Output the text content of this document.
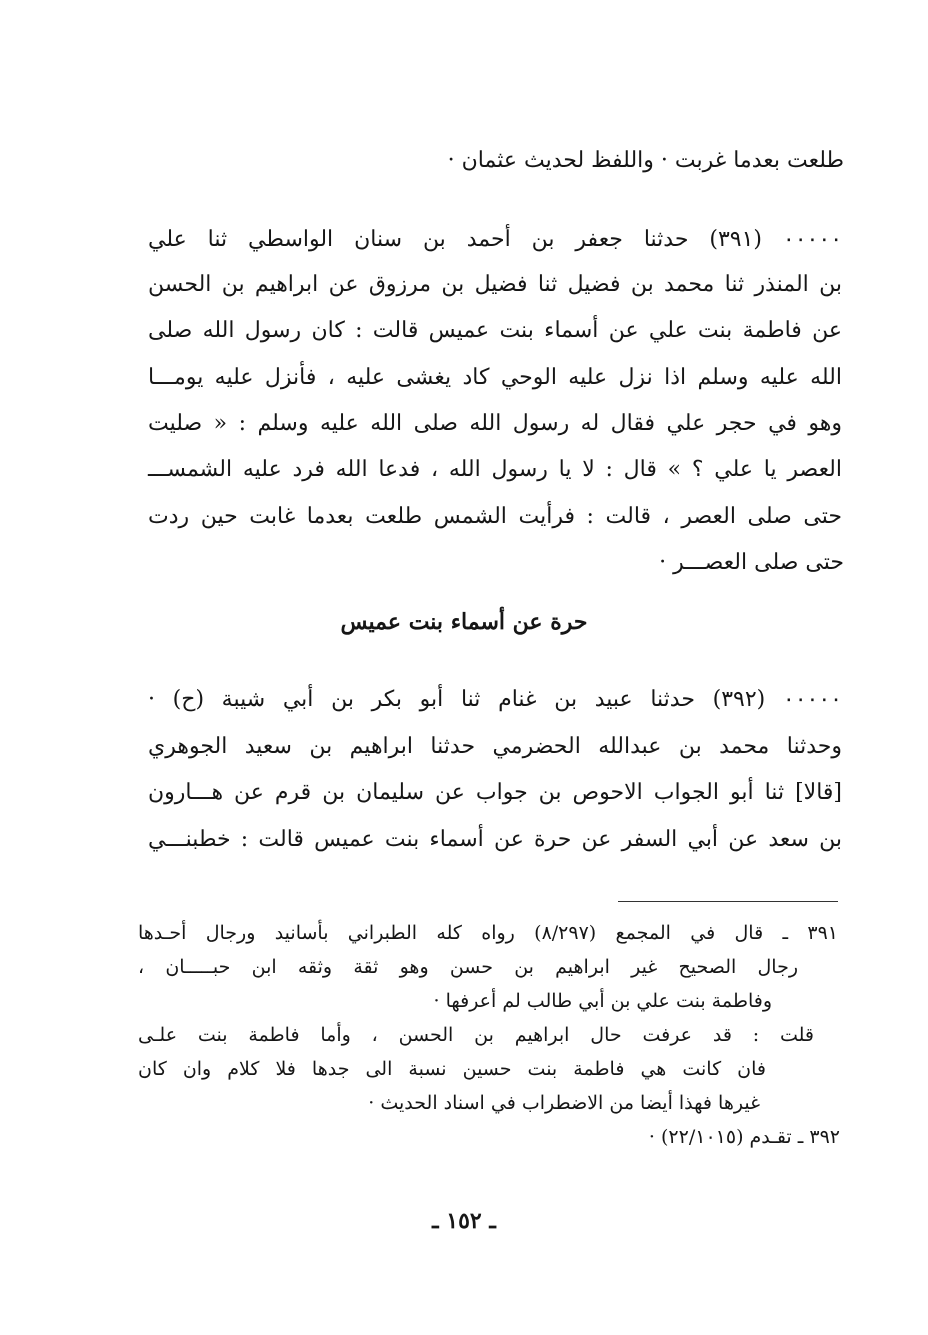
طلعت بعدما غربت · واللفظ لحديث عثمان ·
٠٠٠٠٠ (٣٩١) حدثنا جعفر بن أحمد بن سنان الواسطي ثنا علي
بن المنذر ثنا محمد بن فضيل ثنا فضيل بن مرزوق عن ابراهيم بن الحسن
عن فاطمة بنت علي عن أسماء بنت عميس قالت : كان رسول الله صلى
الله عليه وسلم اذا نزل عليه الوحي كاد يغشى عليه ، فأنزل عليه يومـــا
وهو في حجر علي فقال له رسول الله صلى الله عليه وسلم : « صليت
العصر يا علي ؟ » قال : لا يا رسول الله ، فدعا الله فرد عليه الشمســـ
حتى صلى العصر ، قالت : فرأيت الشمس طلعت بعدما غابت حين ردت
حتى صلى العصـــر ·
حرة عن أسماء بنت عميس
٠٠٠٠٠ (٣٩٢) حدثنا عبيد بن غنام ثنا أبو بكر بن أبي شيبة (ح) ·
وحدثنا محمد بن عبدالله الحضرمي حدثنا ابراهيم بن سعيد الجوهري
[قالا] ثنا أبو الجواب الاحوص بن جواب عن سليمان بن قرم عن هـــارون
بن سعد عن أبي السفر عن حرة عن أسماء بنت عميس قالت : خطبنـــي
٣٩١ ـ قال في المجمع (٨/٢٩٧) رواه كله الطبراني بأسانيد ورجال أحـدها
رجال الصحيح غير ابراهيم بن حسن وهو ثقة وثقه ابن حبـــــان ،
وفاطمة بنت علي بن أبي طالب لم أعرفها ·
قلت : قد عرفت حال ابراهيم بن الحسن ، وأما فاطمة بنت علـى
فان كانت هي فاطمة بنت حسين نسبة الى جدها فلا كلام وان كان
غيرها فهذا أيضا من الاضطراب في اسناد الحديث ·
٣٩٢ ـ تقـدم (٢٢/١٠١٥) ·
ـ ١٥٢ ـ
